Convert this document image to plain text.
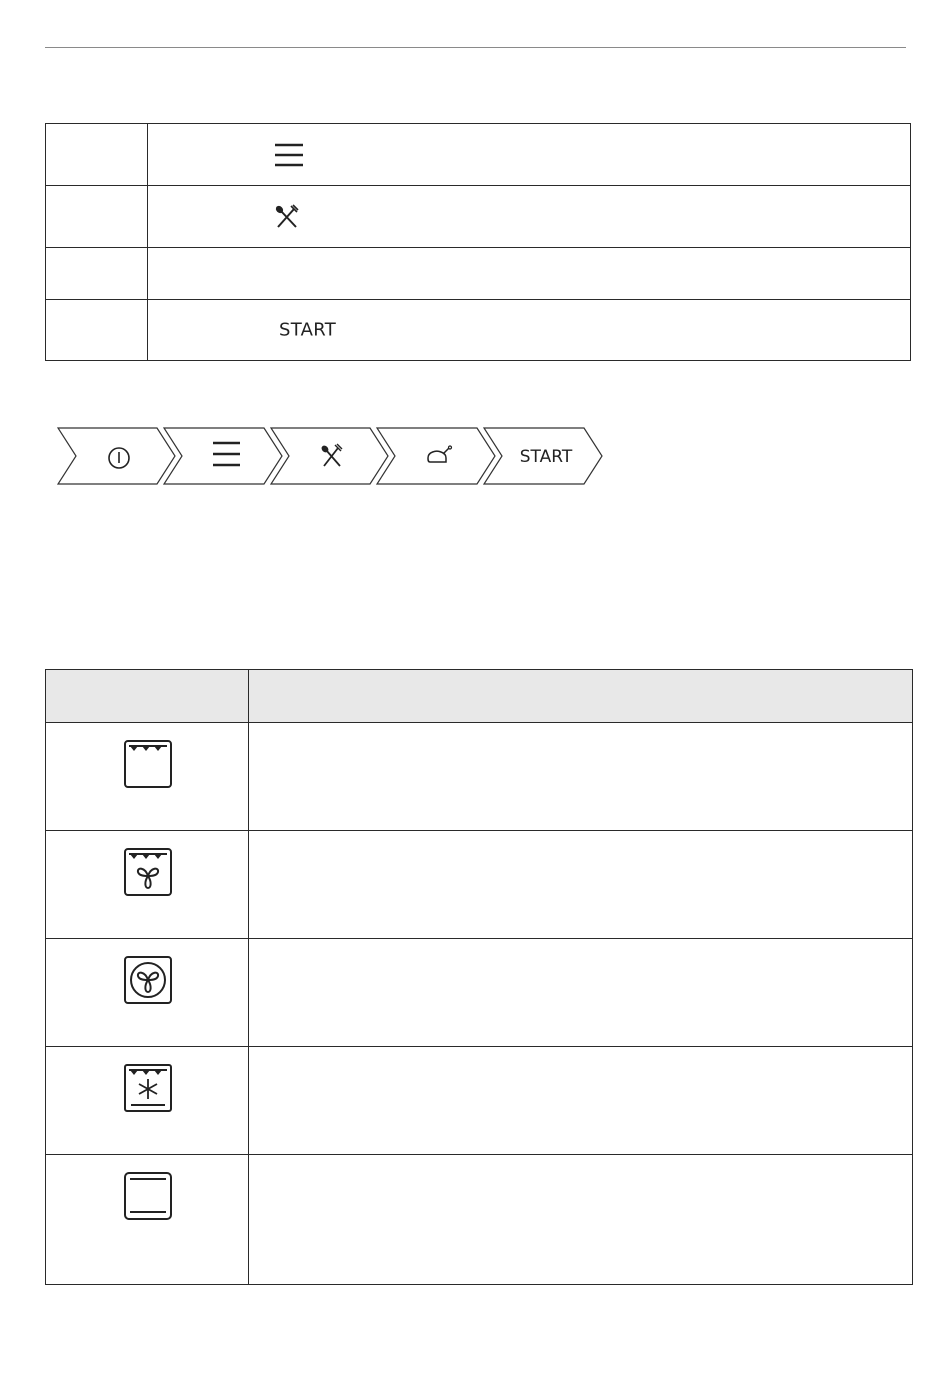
START
START
